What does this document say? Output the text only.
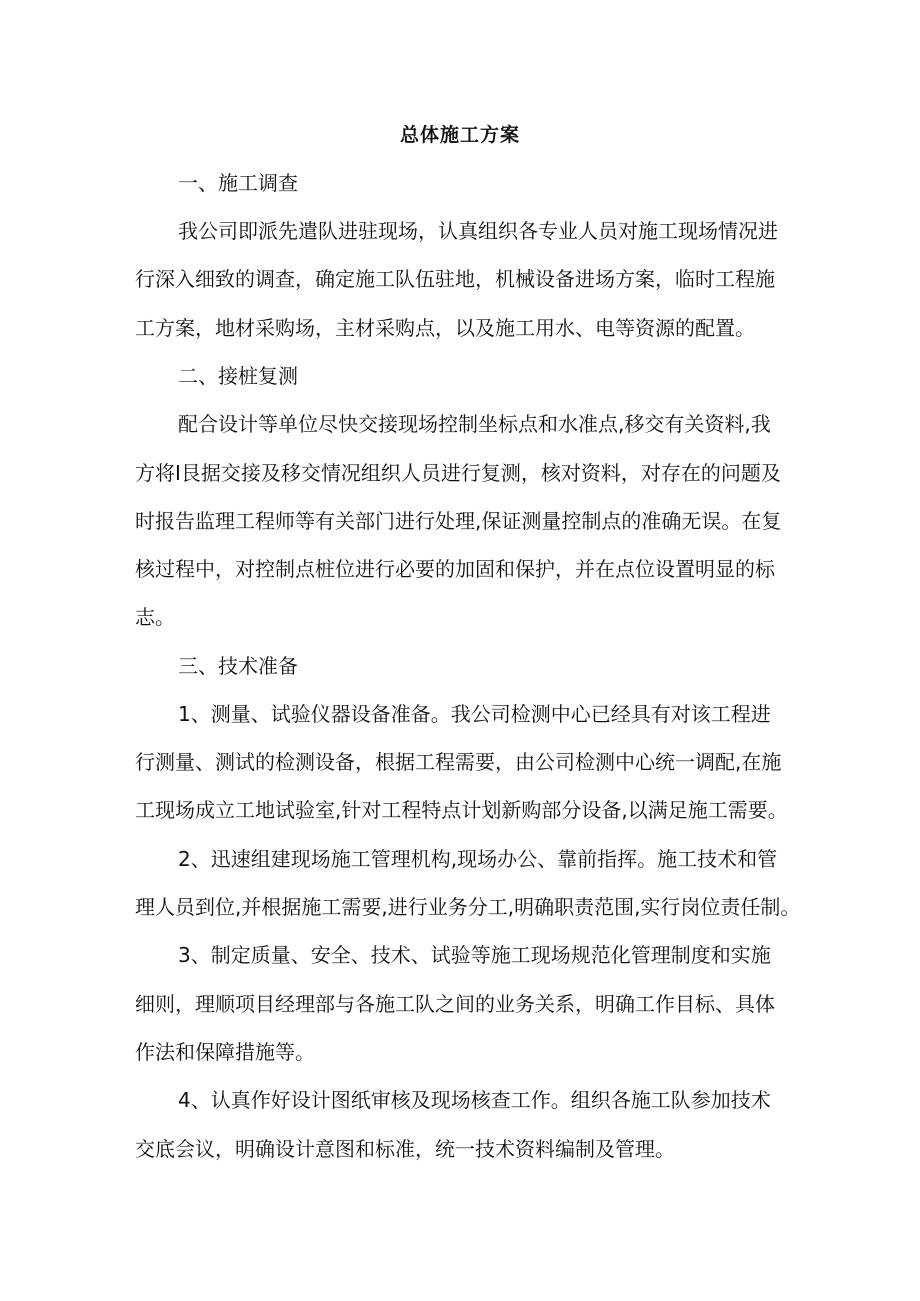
总体施工方案
一、施工调查
我公司即派先遣队进驻现场，认真组织各专业人员对施工现场情况进
行深入细致的调查，确定施工队伍驻地，机械设备进场方案，临时工程施
工方案，地材采购场，主材采购点，以及施工用水、电等资源的配置。
二、接桩复测
配合设计等单位尽快交接现场控制坐标点和水准点,移交有关资料,我
方将Ⅰ艮据交接及移交情况组织人员进行复测，核对资料，对存在的问题及
时报告监理工程师等有关部门进行处理,保证测量控制点的准确无误。在复
核过程中，对控制点桩位进行必要的加固和保护，并在点位设置明显的标
志。
三、技术准备
1、测量、试验仪器设备准备。我公司检测中心已经具有对该工程进
行测量、测试的检测设备，根据工程需要，由公司检测中心统一调配,在施
工现场成立工地试验室,针对工程特点计划新购部分设备,以满足施工需要。
2、迅速组建现场施工管理机构,现场办公、靠前指挥。施工技术和管
理人员到位,并根据施工需要,进行业务分工,明确职责范围,实行岗位责任制。
3、制定质量、安全、技术、试验等施工现场规范化管理制度和实施
细则，理顺项目经理部与各施工队之间的业务关系，明确工作目标、具体
作法和保障措施等。
4、认真作好设计图纸审核及现场核查工作。组织各施工队参加技术
交底会议，明确设计意图和标准，统一技术资料编制及管理。
